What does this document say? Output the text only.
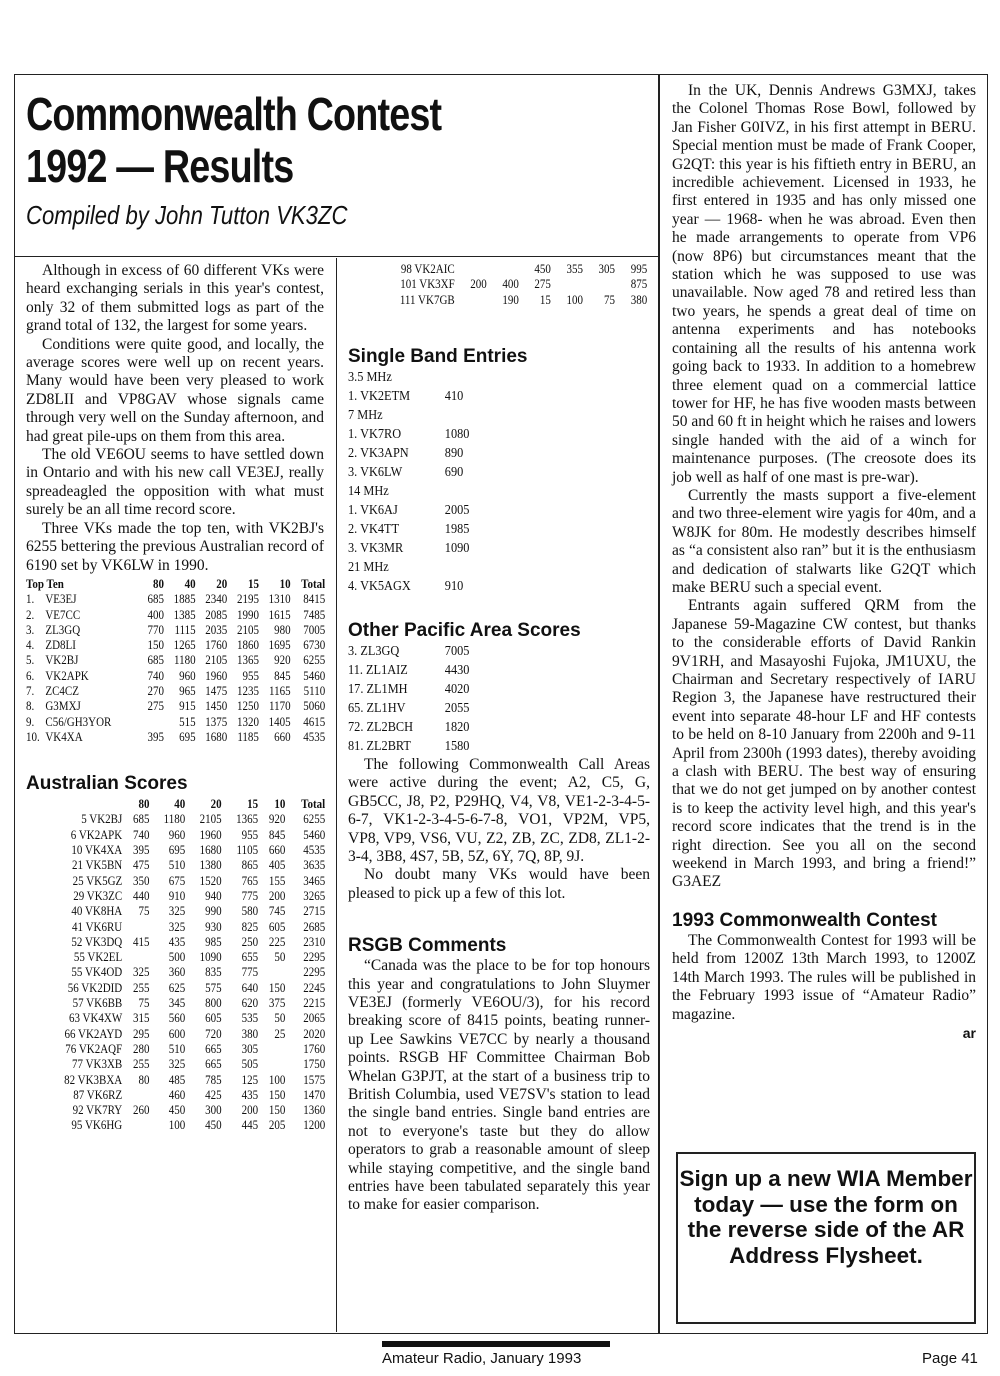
Commonwealth Contest 1992 — Results
Compiled by John Tutton VK3ZC

Although in excess of 60 different VKs were heard exchanging serials in this year's contest, only 32 of them submitted logs as part of the grand total of 132, the largest for some years.

Conditions were quite good, and locally, the average scores were well up on recent years. Many would have been very pleased to work ZD8LII and VP8GAV whose signals came through very well on the Sunday afternoon, and had great pile-ups on them from this area.

The old VE6OU seems to have settled down in Ontario and with his new call VE3EJ, really spreadeagled the opposition with what must surely be an all time record score.

Three VKs made the top ten, with VK2BJ's 6255 bettering the previous Australian record of 6190 set by VK6LW in 1990.

Top Ten		80	40	20	15	10	Total
1.	VE3EJ	685	1885	2340	2195	1310	8415
2.	VE7CC	400	1385	2085	1990	1615	7485
3.	ZL3GQ	770	1115	2035	2105	980	7005
4.	ZD8LI	150	1265	1760	1860	1695	6730
5.	VK2BJ	685	1180	2105	1365	920	6255
6.	VK2APK	740	960	1960	955	845	5460
7.	ZC4CZ	270	965	1475	1235	1165	5110
8.	G3MXJ	275	915	1450	1250	1170	5060
9.	C56/GH3YOR		515	1375	1320	1405	4615
10.	VK4XA	395	695	1680	1185	660	4535
Australian Scores
	80	40	20	15	10	Total
5 VK2BJ	685	1180	2105	1365	920	6255
6 VK2APK	740	960	1960	955	845	5460
10 VK4XA	395	695	1680	1105	660	4535
21 VK5BN	475	510	1380	865	405	3635
25 VK5GZ	350	675	1520	765	155	3465
29 VK3ZC	440	910	940	775	200	3265
40 VK8HA	75	325	990	580	745	2715
41 VK6RU		325	930	825	605	2685
52 VK3DQ	415	435	985	250	225	2310
55 VK2EL		500	1090	655	50	2295
55 VK4OD	325	360	835	775		2295
56 VK2DID	255	625	575	640	150	2245
57 VK6BB	75	345	800	620	375	2215
63 VK4XW	315	560	605	535	50	2065
66 VK2AYD	295	600	720	380	25	2020
76 VK2AQF	280	510	665	305		1760
77 VK3XB	255	325	665	505		1750
82 VK3BXA	80	485	785	125	100	1575
87 VK6RZ		460	425	435	150	1470
92 VK7RY	260	450	300	200	150	1360
95 VK6HG		100	450	445	205	1200
98 VK2AIC			450	355	305	995
101 VK3XF	200	400	275			875
111 VK7GB		190	15	100	75	380
Single Band Entries
3.5 MHz
1. VK2ETM 410
7 MHz
1. VK7RO	1080
2. VK3APN	890
3. VK6LW	690
14 MHz
1. VK6AJ	2005
2. VK4TT	1985
3. VK3MR	1090
21 MHz
4. VK5AGX 910
Other Pacific Area Scores
3. ZL3GQ	7005
11. ZL1AIZ	4430
17. ZL1MH	4020
65. ZL1HV	2055
72. ZL2BCH 1820
81. ZL2BRT 1580

The following Commonwealth Call Areas were active during the event; A2, C5, G, GB5CC, J8, P2, P29HQ, V4, V8, VE1-2-3-4-5-6-7, VK1-2-3-4-5-6-7-8, VO1, VP2M, VP5, VP8, VP9, VS6, VU, Z2, ZB, ZC, ZD8, ZL1-2-3-4, 3B8, 4S7, 5B, 5Z, 6Y, 7Q, 8P, 9J.

No doubt many VKs would have been pleased to pick up a few of this lot.

RSGB Comments

“Canada was the place to be for top honours this year and congratulations to John Sluymer VE3EJ (formerly VE6OU/3), for his record breaking score of 8415 points, beating runner-up Lee Sawkins VE7CC by nearly a thousand points. RSGB HF Committee Chairman Bob Whelan G3PJT, at the start of a business trip to British Columbia, used VE7SV's station to lead the single band entries. Single band entries are not to everyone's taste but they do allow operators to grab a reasonable amount of sleep while staying competitive, and the single band entries have been tabulated separately this year to make for easier comparison.

In the UK, Dennis Andrews G3MXJ, takes the Colonel Thomas Rose Bowl, followed by Jan Fisher G0IVZ, in his first attempt in BERU. Special mention must be made of Frank Cooper, G2QT: this year is his fiftieth entry in BERU, an incredible achievement. Licensed in 1933, he first entered in 1935 and has only missed one year — 1968- when he was abroad. Even then he made arrangements to operate from VP6 (now 8P6) but circumstances meant that the station which he was supposed to use was unavailable. Now aged 78 and retired less than two years, he spends a great deal of time on antenna experiments and has notebooks containing all the results of his antenna work going back to 1933. In addition to a homebrew three element quad on a commercial lattice tower for HF, he has five wooden masts between 50 and 60 ft in height which he raises and lowers single handed with the aid of a winch for maintenance purposes. (The creosote does its job well as half of one mast is pre-war).

Currently the masts support a five-element and two three-element wire yagis for 40m, and a W8JK for 80m. He modestly describes himself as “a consistent also ran” but it is the enthusiasm and dedication of stalwarts like G2QT which make BERU such a special event.

Entrants again suffered QRM from the Japanese 59-Magazine CW contest, but thanks to the considerable efforts of David Rankin 9V1RH, and Masayoshi Fujoka, JM1UXU, the Chairman and Secretary respectively of IARU Region 3, the Japanese have restructured their event into separate 48-hour LF and HF contests to be held on 8-10 January from 2200h and 9-11 April from 2300h (1993 dates), thereby avoiding a clash with BERU. The best way of ensuring that we do not get jumped on by another contest is to keep the activity level high, and this year's record score indicates that the trend is in the right direction. See you all on the second weekend in March 1993, and bring a friend!” G3AEZ

1993 Commonwealth Contest

The Commonwealth Contest for 1993 will be held from 1200Z 13th March 1993, to 1200Z 14th March 1993. The rules will be published in the February 1993 issue of “Amateur Radio” magazine.

ar
Sign up a new WIA Member today — use the form on the reverse side of the AR Address Flysheet.
Amateur Radio, January 1993	Page 41
